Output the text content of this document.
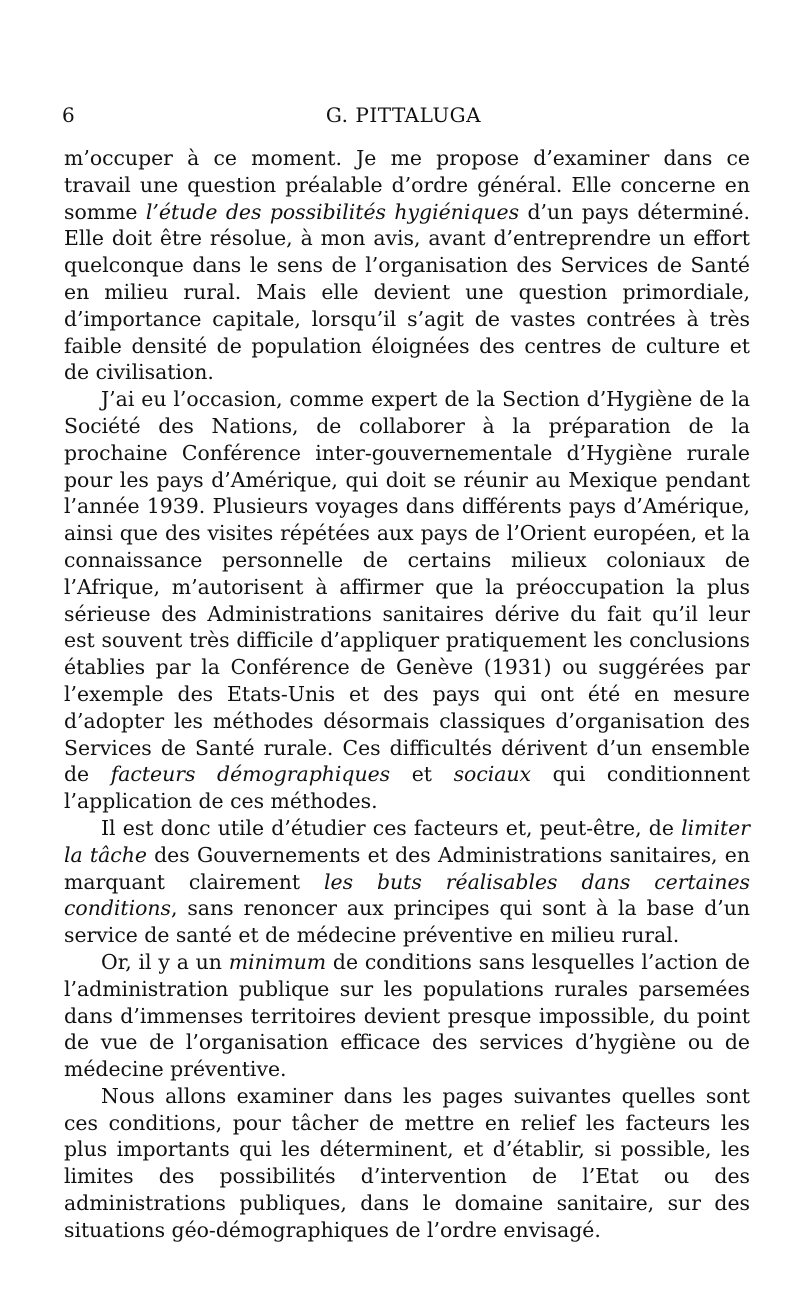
6	G. PITTALUGA

m’occuper à ce moment. Je me propose d’examiner dans ce travail une question préalable d’ordre général. Elle concerne en somme l’étude des possibilités hygiéniques d’un pays déterminé. Elle doit être résolue, à mon avis, avant d’entreprendre un effort quelconque dans le sens de l’organisation des Services de Santé en milieu rural. Mais elle devient une question primordiale, d’importance capitale, lorsqu’il s’agit de vastes contrées à très faible densité de population éloignées des centres de culture et de civilisation.

J’ai eu l’occasion, comme expert de la Section d’Hygiène de la Société des Nations, de collaborer à la préparation de la prochaine Conférence inter-gouvernementale d’Hygiène rurale pour les pays d’Amérique, qui doit se réunir au Mexique pendant l’année 1939. Plusieurs voyages dans différents pays d’Amérique, ainsi que des visites répétées aux pays de l’Orient européen, et la connaissance personnelle de certains milieux coloniaux de l’Afrique, m’autorisent à affirmer que la préoccupation la plus sérieuse des Administrations sanitaires dérive du fait qu’il leur est souvent très difficile d’appliquer pratiquement les conclusions établies par la Conférence de Genève (1931) ou suggérées par l’exemple des Etats-Unis et des pays qui ont été en mesure d’adopter les méthodes désormais classiques d’organisation des Services de Santé rurale. Ces difficultés dérivent d’un ensemble de facteurs démographiques et sociaux qui conditionnent l’application de ces méthodes.

Il est donc utile d’étudier ces facteurs et, peut-être, de limiter la tâche des Gouvernements et des Administrations sanitaires, en marquant clairement les buts réalisables dans certaines conditions, sans renoncer aux principes qui sont à la base d’un service de santé et de médecine préventive en milieu rural.

Or, il y a un minimum de conditions sans lesquelles l’action de l’administration publique sur les populations rurales parsemées dans d’immenses territoires devient presque impossible, du point de vue de l’organisation efficace des services d’hygiène ou de médecine préventive.

Nous allons examiner dans les pages suivantes quelles sont ces conditions, pour tâcher de mettre en relief les facteurs les plus importants qui les déterminent, et d’établir, si possible, les limites des possibilités d’intervention de l’Etat ou des administrations publiques, dans le domaine sanitaire, sur des situations géo-démographiques de l’ordre envisagé.
